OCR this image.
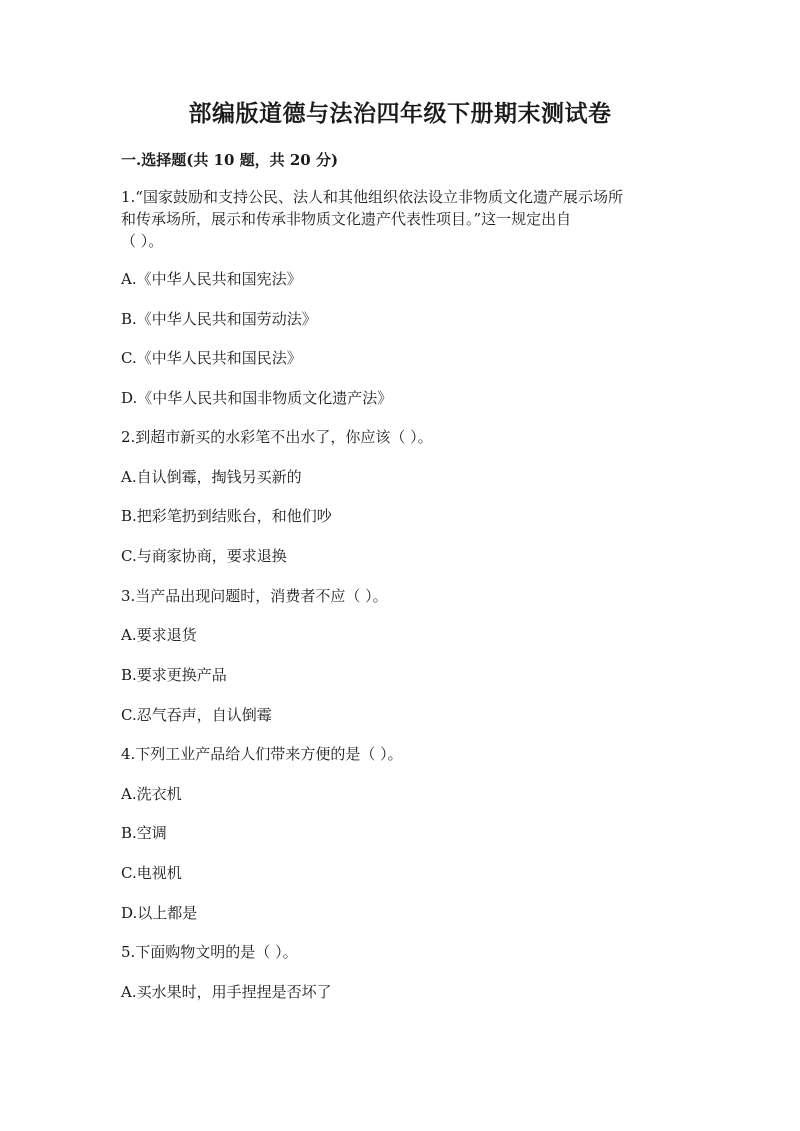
部编版道德与法治四年级下册期末测试卷
一.选择题(共 10 题，共 20 分)
1.“国家鼓励和支持公民、法人和其他组织依法设立非物质文化遗产展示场所
和传承场所，展示和传承非物质文化遗产代表性项目。”这一规定出自
（ ）。
A.《中华人民共和国宪法》
B.《中华人民共和国劳动法》
C.《中华人民共和国民法》
D.《中华人民共和国非物质文化遗产法》
2.到超市新买的水彩笔不出水了，你应该（ ）。
A.自认倒霉，掏钱另买新的
B.把彩笔扔到结账台，和他们吵
C.与商家协商，要求退换
3.当产品出现问题时，消费者不应（ ）。
A.要求退货
B.要求更换产品
C.忍气吞声，自认倒霉
4.下列工业产品给人们带来方便的是（ ）。
A.洗衣机
B.空调
C.电视机
D.以上都是
5.下面购物文明的是（ ）。
A.买水果时，用手捏捏是否坏了
